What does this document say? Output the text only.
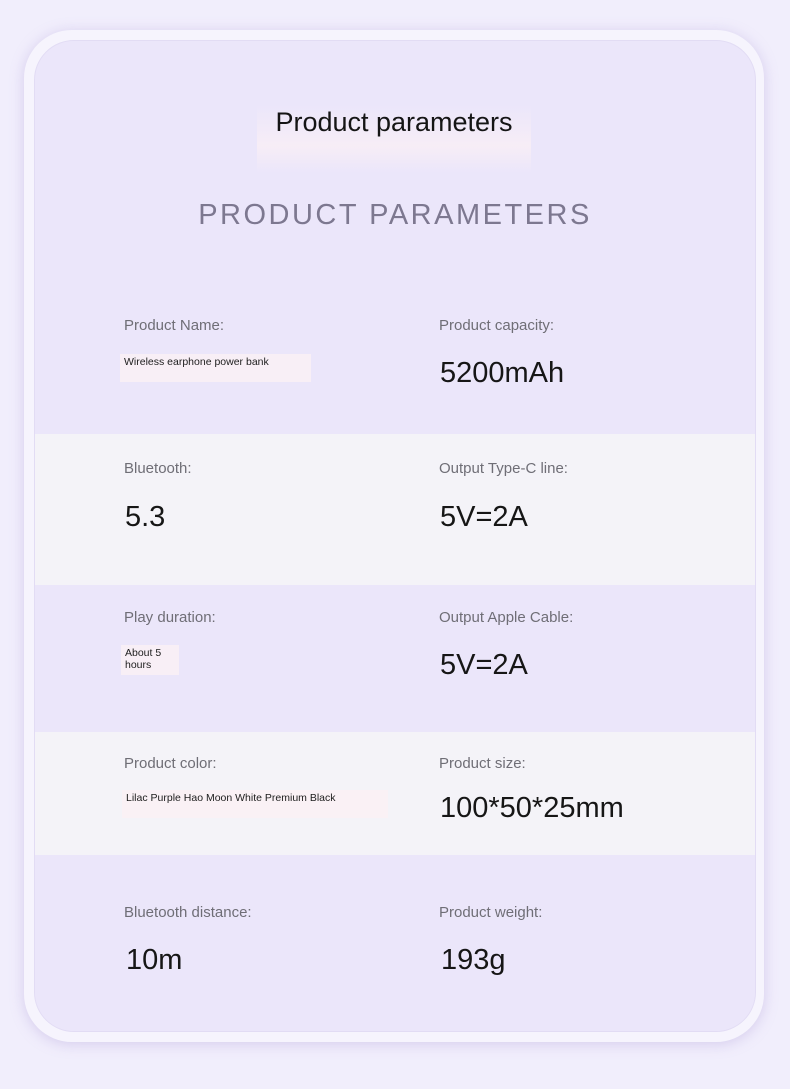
Product parameters
PRODUCT PARAMETERS
Product Name:
Wireless earphone power bank
Product capacity:
5200mAh
Bluetooth:
5.3
Output Type-C line:
5V=2A
Play duration:
About 5
hours
Output Apple Cable:
5V=2A
Product color:
Lilac Purple Hao Moon White Premium Black
Product size:
100*50*25mm
Bluetooth distance:
10m
Product weight:
193g
